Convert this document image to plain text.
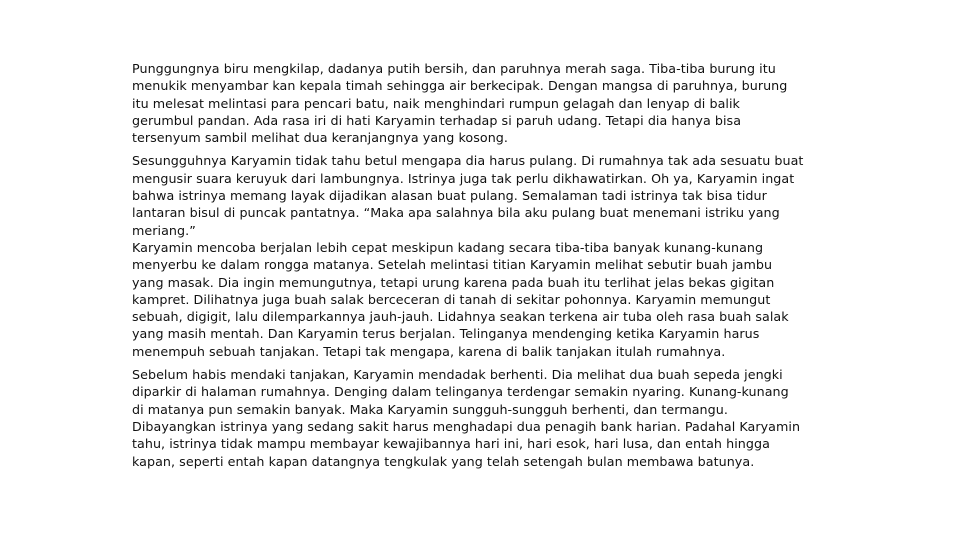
Punggungnya biru mengkilap, dadanya putih bersih, dan paruhnya merah saga. Tiba-tiba burung itu
menukik menyambar kan kepala timah sehingga air berkecipak. Dengan mangsa di paruhnya, burung
itu melesat melintasi para pencari batu, naik menghindari rumpun gelagah dan lenyap di balik
gerumbul pandan. Ada rasa iri di hati Karyamin terhadap si paruh udang. Tetapi dia hanya bisa
tersenyum sambil melihat dua keranjangnya yang kosong.

Sesungguhnya Karyamin tidak tahu betul mengapa dia harus pulang. Di rumahnya tak ada sesuatu buat
mengusir suara keruyuk dari lambungnya. Istrinya juga tak perlu dikhawatirkan. Oh ya, Karyamin ingat
bahwa istrinya memang layak dijadikan alasan buat pulang. Semalaman tadi istrinya tak bisa tidur
lantaran bisul di puncak pantatnya. “Maka apa salahnya bila aku pulang buat menemani istriku yang
meriang.”
Karyamin mencoba berjalan lebih cepat meskipun kadang secara tiba-tiba banyak kunang-kunang
menyerbu ke dalam rongga matanya. Setelah melintasi titian Karyamin melihat sebutir buah jambu
yang masak. Dia ingin memungutnya, tetapi urung karena pada buah itu terlihat jelas bekas gigitan
kampret. Dilihatnya juga buah salak berceceran di tanah di sekitar pohonnya. Karyamin memungut
sebuah, digigit, lalu dilemparkannya jauh-jauh. Lidahnya seakan terkena air tuba oleh rasa buah salak
yang masih mentah. Dan Karyamin terus berjalan. Telinganya mendenging ketika Karyamin harus
menempuh sebuah tanjakan. Tetapi tak mengapa, karena di balik tanjakan itulah rumahnya.

Sebelum habis mendaki tanjakan, Karyamin mendadak berhenti. Dia melihat dua buah sepeda jengki
diparkir di halaman rumahnya. Denging dalam telinganya terdengar semakin nyaring. Kunang-kunang
di matanya pun semakin banyak. Maka Karyamin sungguh-sungguh berhenti, dan termangu.
Dibayangkan istrinya yang sedang sakit harus menghadapi dua penagih bank harian. Padahal Karyamin
tahu, istrinya tidak mampu membayar kewajibannya hari ini, hari esok, hari lusa, dan entah hingga
kapan, seperti entah kapan datangnya tengkulak yang telah setengah bulan membawa batunya.
